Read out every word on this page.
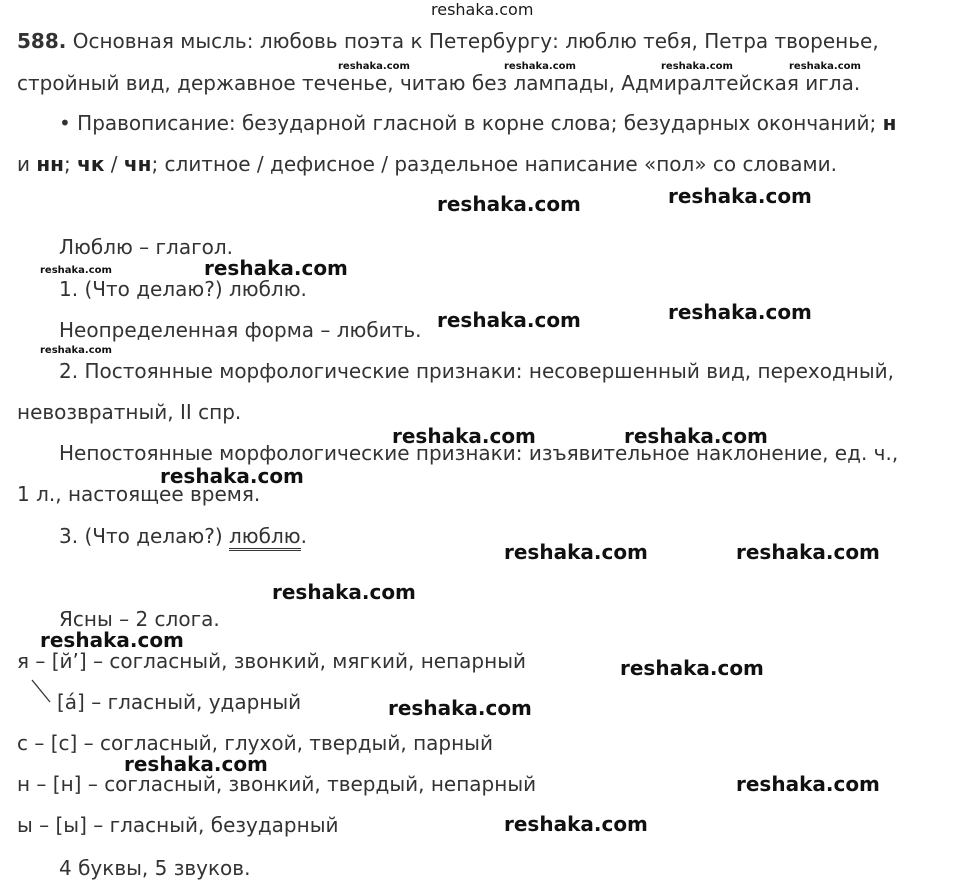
588. Основная мысль: любовь поэта к Петербургу: люблю тебя, Петра творенье,
стройный вид, державное теченье, читаю без лампады, Адмиралтейская игла.
• Правописание: безударной гласной в корне слова; безударных окончаний; н
и нн; чк / чн; слитное / дефисное / раздельное написание «пол» со словами.
Люблю – глагол.
1. (Что делаю?) люблю.
Неопределенная форма – любить.
2. Постоянные морфологические признаки: несовершенный вид, переходный,
невозвратный, II спр.
Непостоянные морфологические признаки: изъявительное наклонение, ед. ч.,
1 л., настоящее время.
3. (Что делаю?) люблю.
Ясны – 2 слога.
я – [й’] – согласный, звонкий, мягкий, непарный
[á] – гласный, ударный
с – [с] – согласный, глухой, твердый, парный
н – [н] – согласный, звонкий, твердый, непарный
ы – [ы] – гласный, безударный
4 буквы, 5 звуков.
reshaka.com
reshaka.com	reshaka.com	reshaka.com	reshaka.com
reshaka.com
reshaka.com
reshaka.com	reshaka.com
reshaka.com
reshaka.com	reshaka.com
reshaka.com	reshaka.com
reshaka.com
reshaka.com	reshaka.com
reshaka.com
reshaka.com
reshaka.com
reshaka.com
reshaka.com
reshaka.com
reshaka.com
